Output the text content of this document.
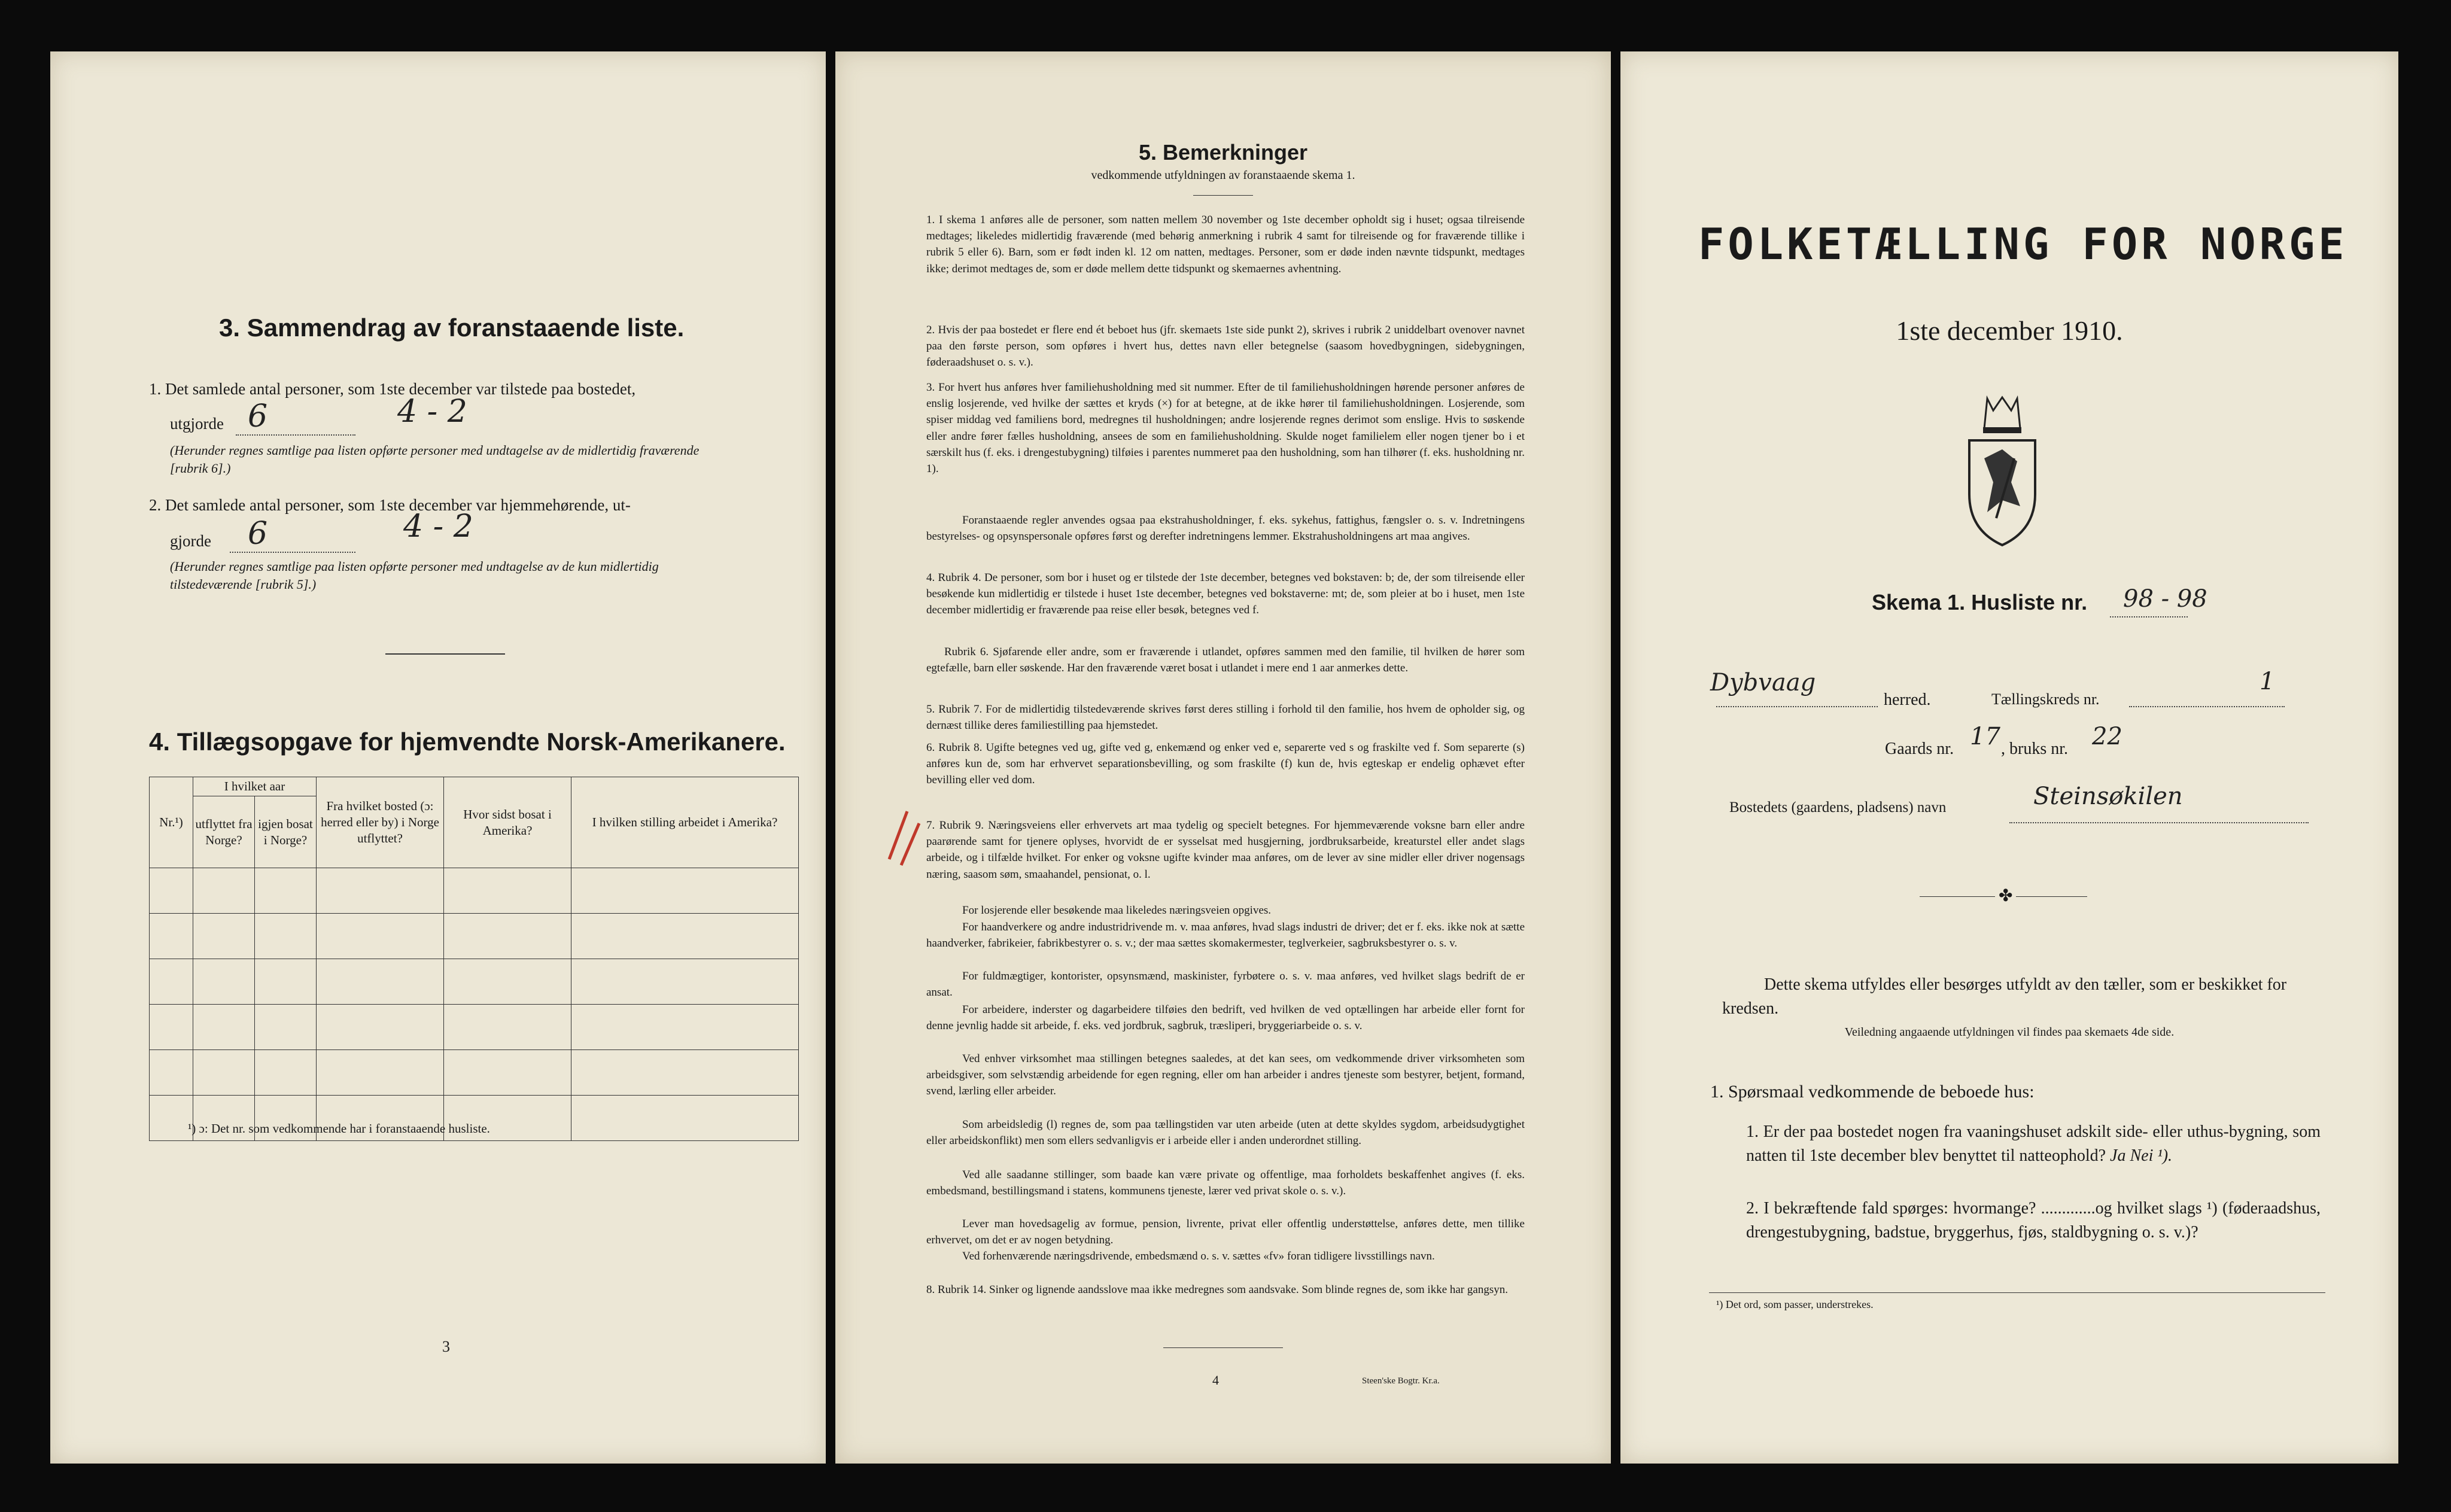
3. Sammendrag av foranstaaende liste.
1. Det samlede antal personer, som 1ste december var tilstede paa bostedet,
utgjorde 6	4 - 2
(Herunder regnes samtlige paa listen opførte personer med undtagelse av de midlertidig fraværende [rubrik 6].)
2. Det samlede antal personer, som 1ste december var hjemmehørende, ut-
gjorde 6	4 - 2
(Herunder regnes samtlige paa listen opførte personer med undtagelse av de kun midlertidig tilstedeværende [rubrik 5].)
4. Tillægsopgave for hjemvendte Norsk-Amerikanere.
Nr.¹)	I hvilket aar		Fra hvilket bosted (ɔ: herred eller by) i Norge utflyttet?	Hvor sidst bosat i Amerika?	I hvilken stilling arbeidet i Amerika?
	utflyttet fra Norge?	igjen bosat i Norge?			

¹) ɔ: Det nr. som vedkommende har i foranstaaende husliste.
3
5. Bemerkninger
vedkommende utfyldningen av foranstaaende skema 1.
1. I skema 1 anføres alle de personer, som natten mellem 30 november og 1ste december opholdt sig i huset; ogsaa tilreisende medtages; likeledes midlertidig fraværende (med behørig anmerkning i rubrik 4 samt for tilreisende og for fraværende tillike i rubrik 5 eller 6). Barn, som er født inden kl. 12 om natten, medtages. Personer, som er døde inden nævnte tidspunkt, medtages ikke; derimot medtages de, som er døde mellem dette tidspunkt og skemaernes avhentning.
2. Hvis der paa bostedet er flere end ét beboet hus (jfr. skemaets 1ste side punkt 2), skrives i rubrik 2 uniddelbart ovenover navnet paa den første person, som opføres i hvert hus, dettes navn eller betegnelse (saasom hovedbygningen, sidebygningen, føderaadshuset o. s. v.).
3. For hvert hus anføres hver familiehusholdning med sit nummer. Efter de til familiehusholdningen hørende personer anføres de enslig losjerende, ved hvilke der sættes et kryds (×) for at betegne, at de ikke hører til familiehusholdningen. Losjerende, som spiser middag ved familiens bord, medregnes til husholdningen; andre losjerende regnes derimot som enslige. Hvis to søskende eller andre fører fælles husholdning, ansees de som en familiehusholdning. Skulde noget familielem eller nogen tjener bo i et særskilt hus (f. eks. i drengestubygning) tilføies i parentes nummeret paa den husholdning, som han tilhører (f. eks. husholdning nr. 1).
Foranstaaende regler anvendes ogsaa paa ekstrahusholdninger, f. eks. sykehus, fattighus, fængsler o. s. v. Indretningens bestyrelses- og opsynspersonale opføres først og derefter indretningens lemmer. Ekstrahusholdningens art maa angives.
4. Rubrik 4. De personer, som bor i huset og er tilstede der 1ste december, betegnes ved bokstaven: b; de, der som tilreisende eller besøkende kun midlertidig er tilstede i huset 1ste december, betegnes ved bokstaverne: mt; de, som pleier at bo i huset, men 1ste december midlertidig er fraværende paa reise eller besøk, betegnes ved f.
Rubrik 6. Sjøfarende eller andre, som er fraværende i utlandet, opføres sammen med den familie, til hvilken de hører som egtefælle, barn eller søskende. Har den fraværende været bosat i utlandet i mere end 1 aar anmerkes dette.
5. Rubrik 7. For de midlertidig tilstedeværende skrives først deres stilling i forhold til den familie, hos hvem de opholder sig, og dernæst tillike deres familiestilling paa hjemstedet.
6. Rubrik 8. Ugifte betegnes ved ug, gifte ved g, enkemænd og enker ved e, separerte ved s og fraskilte ved f. Som separerte (s) anføres kun de, som har erhvervet separationsbevilling, og som fraskilte (f) kun de, hvis egteskap er endelig ophævet efter bevilling eller ved dom.
7. Rubrik 9. Næringsveiens eller erhvervets art maa tydelig og specielt betegnes. For hjemmeværende voksne barn eller andre paarørende samt for tjenere oplyses, hvorvidt de er sysselsat med husgjerning, jordbruksarbeide, kreaturstel eller andet slags arbeide, og i tilfælde hvilket. For enker og voksne ugifte kvinder maa anføres, om de lever av sine midler eller driver nogensags næring, saasom søm, smaahandel, pensionat, o. l.
For losjerende eller besøkende maa likeledes næringsveien opgives.
For haandverkere og andre industridrivende m. v. maa anføres, hvad slags industri de driver; det er f. eks. ikke nok at sætte haandverker, fabrikeier, fabrikbestyrer o. s. v.; der maa sættes skomakermester, teglverkeier, sagbruksbestyrer o. s. v.
For fuldmægtiger, kontorister, opsynsmænd, maskinister, fyrbøtere o. s. v. maa anføres, ved hvilket slags bedrift de er ansat.
For arbeidere, inderster og dagarbeidere tilføies den bedrift, ved hvilken de ved optællingen har arbeide eller fornt for denne jevnlig hadde sit arbeide, f. eks. ved jordbruk, sagbruk, træsliperi, bryggeriarbeide o. s. v.
Ved enhver virksomhet maa stillingen betegnes saaledes, at det kan sees, om vedkommende driver virksomheten som arbeidsgiver, som selvstændig arbeidende for egen regning, eller om han arbeider i andres tjeneste som bestyrer, betjent, formand, svend, lærling eller arbeider.
Som arbeidsledig (l) regnes de, som paa tællingstiden var uten arbeide (uten at dette skyldes sygdom, arbeidsudygtighet eller arbeidskonflikt) men som ellers sedvanligvis er i arbeide eller i anden underordnet stilling.
Ved alle saadanne stillinger, som baade kan være private og offentlige, maa forholdets beskaffenhet angives (f. eks. embedsmand, bestillingsmand i statens, kommunens tjeneste, lærer ved privat skole o. s. v.).
Lever man hovedsagelig av formue, pension, livrente, privat eller offentlig understøttelse, anføres dette, men tillike erhvervet, om det er av nogen betydning.
Ved forhenværende næringsdrivende, embedsmænd o. s. v. sættes «fv» foran tidligere livsstillings navn.
8. Rubrik 14. Sinker og lignende aandsslove maa ikke medregnes som aandsvake. Som blinde regnes de, som ikke har gangsyn.
4	Steen'ske Bogtr. Kr.a.
FOLKETÆLLING FOR NORGE
1ste december 1910.
Skema 1. Husliste nr. 98 - 98
Dybvaag
herred.	Tællingskreds nr.
1
Gaards nr. 17 , bruks nr. 22
Bostedets (gaardens, pladsens) navn	Steinsøkilen
✤
Dette skema utfyldes eller besørges utfyldt av den tæller, som er beskikket for kredsen.
Veiledning angaaende utfyldningen vil findes paa skemaets 4de side.
1. Spørsmaal vedkommende de beboede hus:
1. Er der paa bostedet nogen fra vaaningshuset adskilt side- eller uthus-bygning, som natten til 1ste december blev benyttet til natteophold? Ja Nei ¹).
2. I bekræftende fald spørges: hvormange? .............og hvilket slags ¹) (føderaadshus, drengestubygning, badstue, bryggerhus, fjøs, staldbygning o. s. v.)?
¹) Det ord, som passer, understrekes.
